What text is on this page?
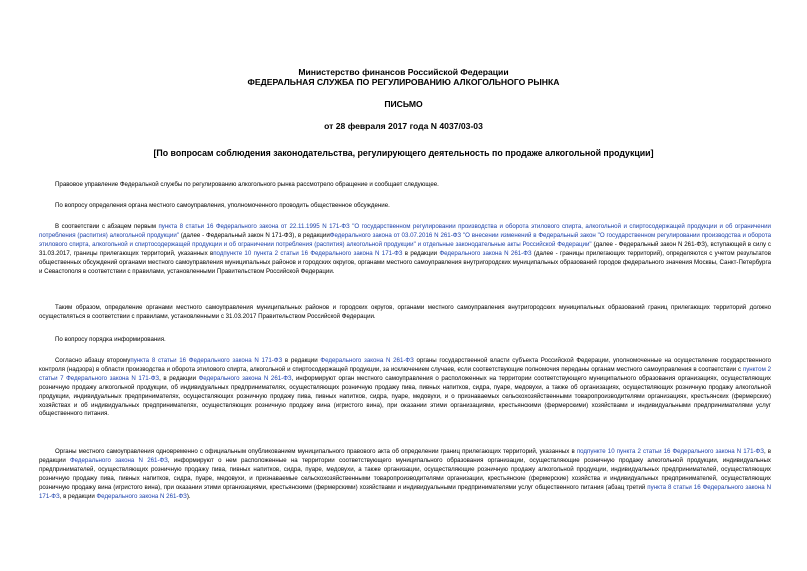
Министерство финансов Российской Федерации
ФЕДЕРАЛЬНАЯ СЛУЖБА ПО РЕГУЛИРОВАНИЮ АЛКОГОЛЬНОГО РЫНКА
ПИСЬМО
от 28 февраля 2017 года N 4037/03-03
[По вопросам соблюдения законодательства, регулирующего деятельность по продаже алкогольной продукции]
Правовое управление Федеральной службы по регулированию алкогольного рынка рассмотрело обращение и сообщает следующее.
По вопросу определения органа местного самоуправления, уполномоченного проводить общественное обсуждение.
В соответствии с абзацем первым пункта 8 статьи 16 Федерального закона от 22.11.1995 N 171-ФЗ "О государственном регулировании производства и оборота этилового спирта, алкогольной и спиртосодержащей продукции и об ограничении потребления (распития) алкогольной продукции" (далее - Федеральный закон N 171-ФЗ), в редакцииФедерального закона от 03.07.2016 N 261-ФЗ "О внесении изменений в Федеральный закон "О государственном регулировании производства и оборота этилового спирта, алкогольной и спиртосодержащей продукции и об ограничении потребления (распития) алкогольной продукции" и отдельные законодательные акты Российской Федерации" (далее - Федеральный закон N 261-ФЗ), вступающей в силу с 31.03.2017, границы прилегающих территорий, указанных вподпункте 10 пункта 2 статьи 16 Федерального закона N 171-ФЗ в редакции Федерального закона N 261-ФЗ (далее - границы прилегающих территорий), определяются с учетом результатов общественных обсуждений органами местного самоуправления муниципальных районов и городских округов, органами местного самоуправления внутригородских муниципальных образований городов федерального значения Москвы, Санкт-Петербурга и Севастополя в соответствии с правилами, установленными Правительством Российской Федерации.
Таким образом, определение органами местного самоуправления муниципальных районов и городских округов, органами местного самоуправления внутригородских муниципальных образований границ прилегающих территорий должно осуществляться в соответствии с правилами, установленными с 31.03.2017 Правительством Российской Федерации.
По вопросу порядка информирования.
Согласно абзацу второмупункта 8 статьи 16 Федерального закона N 171-ФЗ в редакции Федерального закона N 261-ФЗ органы государственной власти субъекта Российской Федерации, уполномоченные на осуществление государственного контроля (надзора) в области производства и оборота этилового спирта, алкогольной и спиртосодержащей продукции, за исключением случаев, если соответствующие полномочия переданы органам местного самоуправления в соответствии с пунктом 2 статьи 7 Федерального закона N 171-ФЗ, в редакции Федерального закона N 261-ФЗ, информируют орган местного самоуправления о расположенных на территории соответствующего муниципального образования организациях, осуществляющих розничную продажу алкогольной продукции, об индивидуальных предпринимателях, осуществляющих розничную продажу пива, пивных напитков, сидра, пуаре, медовухи, а также об организациях, осуществляющих розничную продажу алкогольной продукции, индивидуальных предпринимателях, осуществляющих розничную продажу пива, пивных напитков, сидра, пуаре, медовухи, и о признаваемых сельскохозяйственными товаропроизводителями организациях, крестьянских (фермерских) хозяйствах и об индивидуальных предпринимателях, осуществляющих розничную продажу вина (игристого вина), при оказании этими организациями, крестьянскими (фермерскими) хозяйствами и индивидуальными предпринимателями услуг общественного питания.
Органы местного самоуправления одновременно с официальным опубликованием муниципального правового акта об определении границ прилегающих территорий, указанных в подпункте 10 пункта 2 статьи 16 Федерального закона N 171-ФЗ, в редакции Федерального закона N 261-ФЗ, информируют о нем расположенные на территории соответствующего муниципального образования организации, осуществляющие розничную продажу алкогольной продукции, индивидуальных предпринимателей, осуществляющих розничную продажу пива, пивных напитков, сидра, пуаре, медовухи, а также организации, осуществляющие розничную продажу алкогольной продукции, индивидуальных предпринимателей, осуществляющих розничную продажу пива, пивных напитков, сидра, пуаре, медовухи, и признаваемые сельскохозяйственными товаропроизводителями организации, крестьянские (фермерские) хозяйства и индивидуальных предпринимателей, осуществляющих розничную продажу вина (игристого вина), при оказании этими организациями, крестьянскими (фермерскими) хозяйствами и индивидуальными предпринимателями услуг общественного питания (абзац третий пункта 8 статьи 16 Федерального закона N 171-ФЗ, в редакции Федерального закона N 261-ФЗ).
